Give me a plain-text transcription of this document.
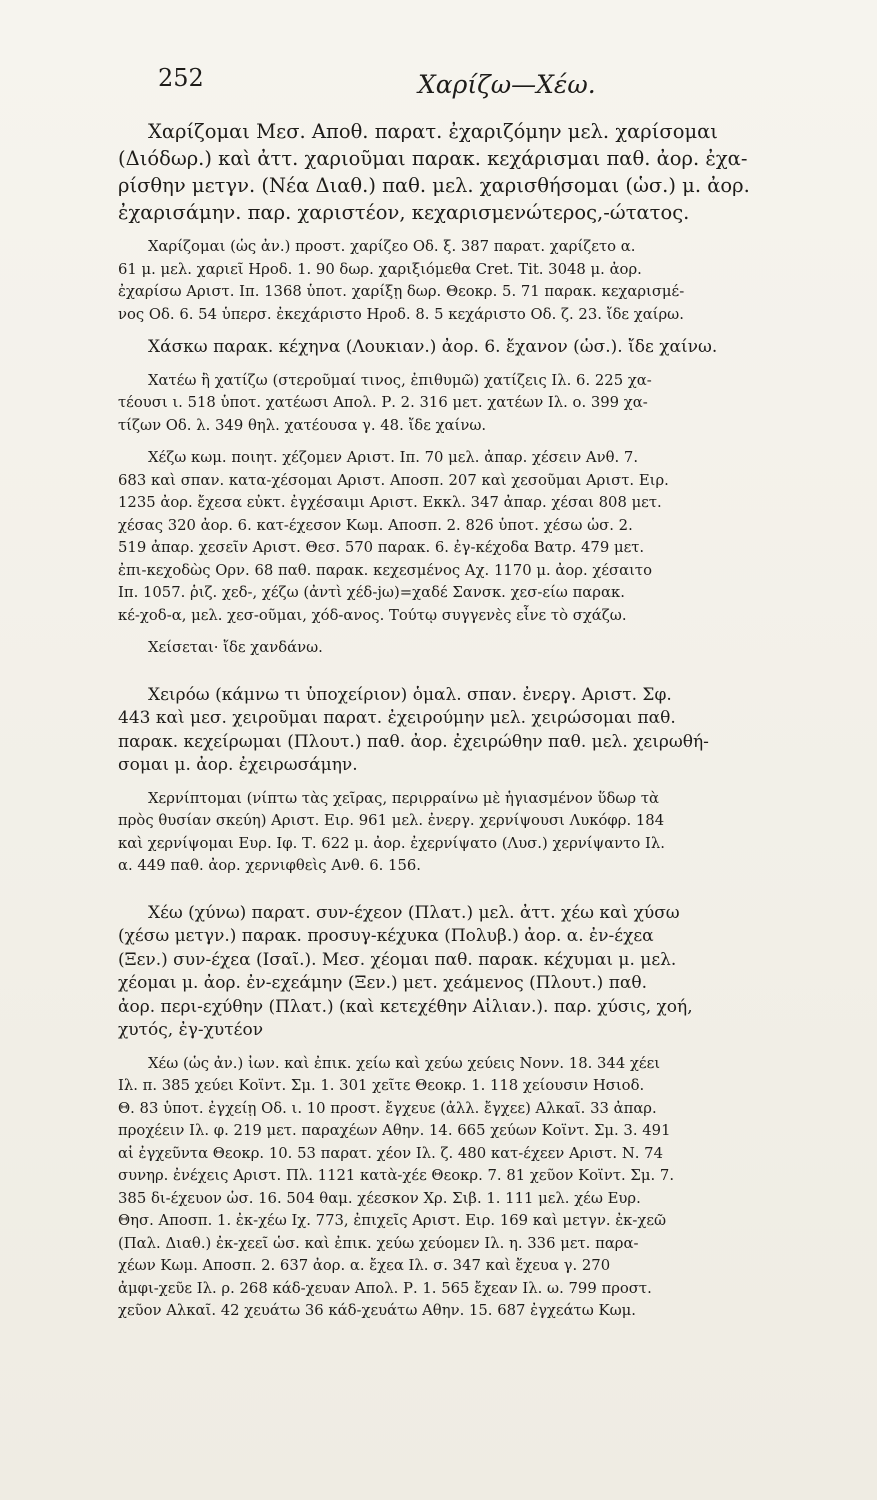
252	Χαρίζω—Χέω.
Χαρίζομαι Μεσ. Αποθ. παρατ. ἐχαριζόμην μελ. χαρίσομαι
(Διόδωρ.) καὶ ἀττ. χαριοῦμαι παρακ. κεχάρισμαι παθ. ἀορ. ἐχα-
ρίσθην μετγν. (Νέα Διαθ.) παθ. μελ. χαρισθήσομαι (ὡσ.) μ. ἀορ.
ἐχαρισάμην. παρ. χαριστέον, κεχαρισμενώτερος,-ώτατος.
Χαρίζομαι (ὡς ἀν.) προστ. χαρίζεο Οδ. ξ. 387 παρατ. χαρίζετο α.
61 μ. μελ. χαριεῖ Ηροδ. 1. 90 δωρ. χαριξιόμεθα Cret. Tit. 3048 μ. ἀορ.
ἐχαρίσω Αριστ. Ιπ. 1368 ὑποτ. χαρίξῃ δωρ. Θεοκρ. 5. 71 παρακ. κεχαρισμέ-
νος Οδ. 6. 54 ὑπερσ. ἐκεχάριστο Ηροδ. 8. 5 κεχάριστο Οδ. ζ. 23. ἴδε χαίρω.
Χάσκω παρακ. κέχηνα (Λουκιαν.) ἀορ. 6. ἔχανον (ὡσ.). ἴδε χαίνω.
Χατέω ἢ χατίζω (στεροῦμαί τινος, ἐπιθυμῶ) χατίζεις Ιλ. 6. 225 χα-
τέουσι ι. 518 ὑποτ. χατέωσι Απολ. Ρ. 2. 316 μετ. χατέων Ιλ. ο. 399 χα-
τίζων Οδ. λ. 349 θηλ. χατέουσα γ. 48. ἴδε χαίνω.
Χέζω κωμ. ποιητ. χέζομεν Αριστ. Ιπ. 70 μελ. ἀπαρ. χέσειν Ανθ. 7.
683 καὶ σπαν. κατα-χέσομαι Αριστ. Αποσπ. 207 καὶ χεσοῦμαι Αριστ. Ειρ.
1235 ἀορ. ἔχεσα εὐκτ. ἐγχέσαιμι Αριστ. Εκκλ. 347 ἀπαρ. χέσαι 808 μετ.
χέσας 320 ἀορ. 6. κατ-έχεσον Κωμ. Αποσπ. 2. 826 ὑποτ. χέσω ὡσ. 2.
519 ἀπαρ. χεσεῖν Αριστ. Θεσ. 570 παρακ. 6. ἐγ-κέχοδα Βατρ. 479 μετ.
ἐπι-κεχοδὼς Ορν. 68 παθ. παρακ. κεχεσμένος Αχ. 1170 μ. ἀορ. χέσαιτο
Ιπ. 1057. ῥιζ. χεδ-, χέζω (ἀντὶ χέδ-jω)=χαδέ Σανσκ. χεσ-είω παρακ.
κέ-χοδ-α, μελ. χεσ-οῦμαι, χόδ-ανος. Τούτῳ συγγενὲς εἶνε τὸ σχάζω.
Χείσεται· ἴδε χανδάνω.
Χειρόω (κάμνω τι ὑποχείριον) ὁμαλ. σπαν. ἐνεργ. Αριστ. Σφ.
443 καὶ μεσ. χειροῦμαι παρατ. ἐχειρούμην μελ. χειρώσομαι παθ.
παρακ. κεχείρωμαι (Πλουτ.) παθ. ἀορ. ἐχειρώθην παθ. μελ. χειρωθή-
σομαι μ. ἀορ. ἐχειρωσάμην.
Χερνίπτομαι (νίπτω τὰς χεῖρας, περιρραίνω μὲ ἡγιασμένον ὕδωρ τὰ
πρὸς θυσίαν σκεύη) Αριστ. Ειρ. 961 μελ. ἐνεργ. χερνίψουσι Λυκόφρ. 184
καὶ χερνίψομαι Ευρ. Ιφ. Τ. 622 μ. ἀορ. ἐχερνίψατο (Λυσ.) χερνίψαντο Ιλ.
α. 449 παθ. ἀορ. χερνιφθεὶς Ανθ. 6. 156.
Χέω (χύνω) παρατ. συν-έχεον (Πλατ.) μελ. ἀττ. χέω καὶ χύσω
(χέσω μετγν.) παρακ. προσυγ-κέχυκα (Πολυβ.) ἀορ. α. ἐν-έχεα
(Ξεν.) συν-έχεα (Ισαῖ.). Μεσ. χέομαι παθ. παρακ. κέχυμαι μ. μελ.
χέομαι μ. ἀορ. ἐν-εχεάμην (Ξεν.) μετ. χεάμενος (Πλουτ.) παθ.
ἀορ. περι-εχύθην (Πλατ.) (καὶ κετεχέθην Αἰλιαν.). παρ. χύσις, χοή,
χυτός, ἐγ-χυτέον
Χέω (ὡς ἀν.) ἰων. καὶ ἐπικ. χείω καὶ χεύω χεύεις Νονν. 18. 344 χέει
Ιλ. π. 385 χεύει Κοϊντ. Σμ. 1. 301 χεῖτε Θεοκρ. 1. 118 χείουσιν Ησιοδ.
Θ. 83 ὑποτ. ἐγχείῃ Οδ. ι. 10 προστ. ἔγχευε (ἀλλ. ἔγχεε) Αλκαῖ. 33 ἀπαρ.
προχέειν Ιλ. φ. 219 μετ. παραχέων Αθην. 14. 665 χεύων Κοϊντ. Σμ. 3. 491
αἱ ἐγχεῦντα Θεοκρ. 10. 53 παρατ. χέον Ιλ. ζ. 480 κατ-έχεεν Αριστ. Ν. 74
συνηρ. ἐνέχεις Αριστ. Πλ. 1121 κατὰ-χέε Θεοκρ. 7. 81 χεῦον Κοϊντ. Σμ. 7.
385 δι-έχευον ὡσ. 16. 504 θαμ. χέεσκον Χρ. Σιβ. 1. 111 μελ. χέω Ευρ.
Θησ. Αποσπ. 1. ἐκ-χέω Ιχ. 773, ἐπιχεῖς Αριστ. Ειρ. 169 καὶ μετγν. ἐκ-χεῶ
(Παλ. Διαθ.) ἐκ-χεεῖ ὡσ. καὶ ἐπικ. χεύω χεύομεν Ιλ. η. 336 μετ. παρα-
χέων Κωμ. Αποσπ. 2. 637 ἀορ. α. ἔχεα Ιλ. σ. 347 καὶ ἔχευα γ. 270
ἀμφι-χεῦε Ιλ. ρ. 268 κάδ-χευαν Απολ. Ρ. 1. 565 ἔχεαν Ιλ. ω. 799 προστ.
χεῦον Αλκαῖ. 42 χευάτω 36 κάδ-χευάτω Αθην. 15. 687 ἐγχεάτω Κωμ.
